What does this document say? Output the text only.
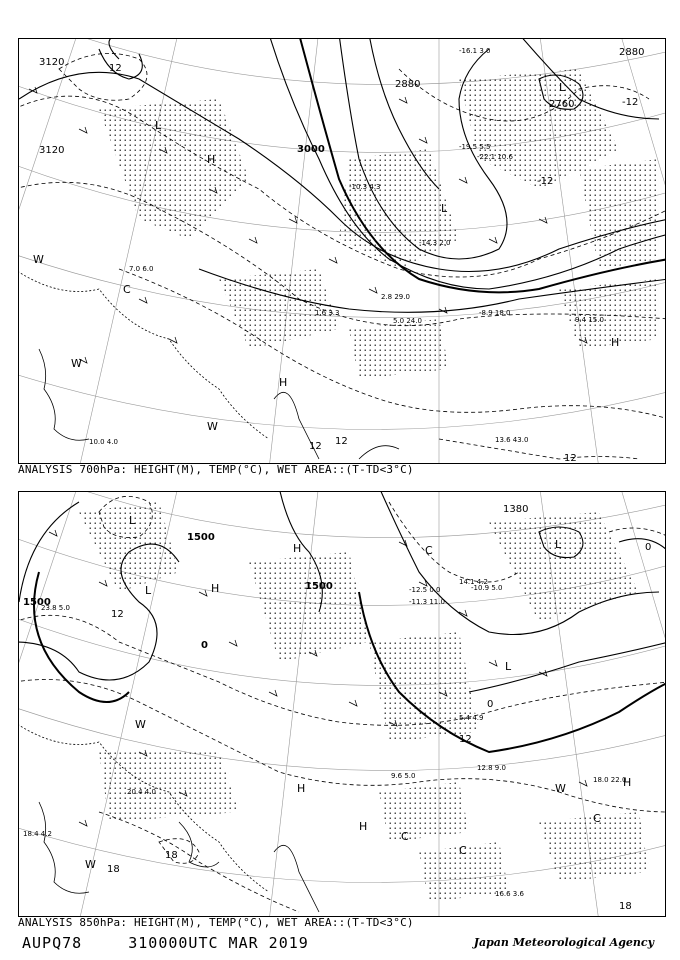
3120
3120	3000
2880
2880
2760
12
12
-12
-12
12
12
L
H
L
L
C
W
W
H
W
H
-16.1 3.0
-14.3 2.0
-10.3 4.3
-19.5 5.5
2.8 29.0
5.0 24.0
1.6 3.3	-8.9 18.0
9.4 15.0
10.0 4.0	13.6 43.0
-22.1 10.6
7.0 6.0
ANALYSIS 700hPa: HEIGHT(M), TEMP(°C), WET AREA::(T-TD<3°C)
1500
1500
1500
1380
0
0
12
12
18
18
18
0
L	H
H
L
L
C
L
W
H
H
C
C
W	H
W
C
-12.5 0.0
-11.3 11.0
-10.9 5.0
14.1 4.2
18.0 22.0
12.8 9.0
9.6 5.0
16.6 3.6
23.8 5.0
20.4 4.0
18.4 4.2
5.4 4.9
ANALYSIS 850hPa: HEIGHT(M), TEMP(°C), WET AREA::(T-TD<3°C)
AUPQ78	310000UTC MAR 2019	Japan Meteorological Agency
